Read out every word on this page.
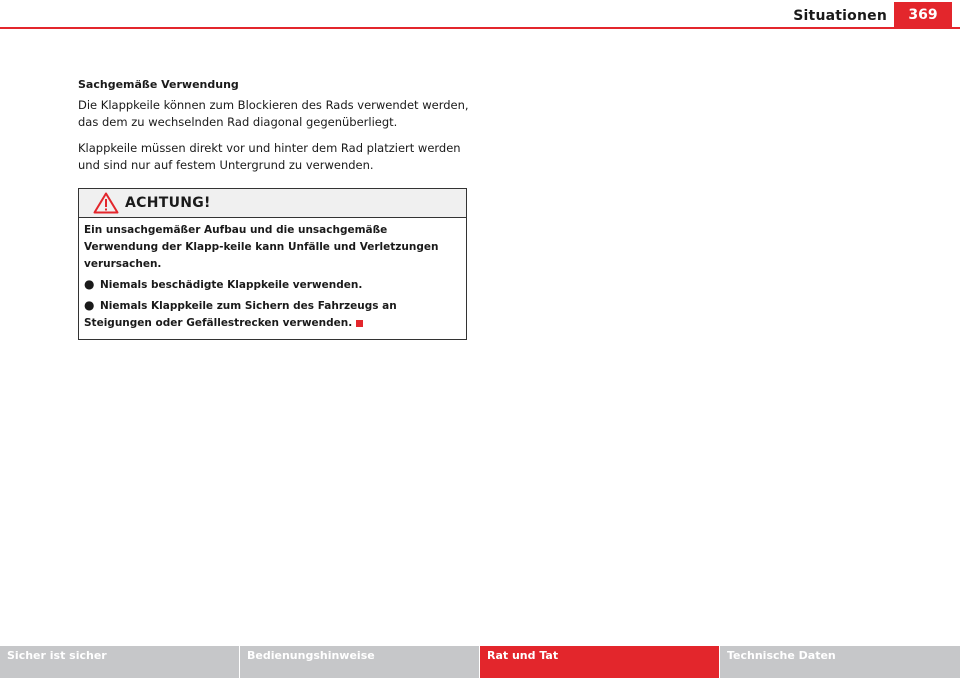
Situationen	369
Sachgemäße Verwendung

Die Klappkeile können zum Blockieren des Rads verwendet werden, das dem zu wechselnden Rad diagonal gegenüberliegt.

Klappkeile müssen direkt vor und hinter dem Rad platziert werden und sind nur auf festem Untergrund zu verwenden.

ACHTUNG!

Ein unsachgemäßer Aufbau und die unsachgemäße Verwendung der Klapp-keile kann Unfälle und Verletzungen verursachen.

● Niemals beschädigte Klappkeile verwenden.

● Niemals Klappkeile zum Sichern des Fahrzeugs an Steigungen oder Gefällestrecken verwenden.

Sicher ist sicher	Bedienungshinweise	Rat und Tat	Technische Daten
